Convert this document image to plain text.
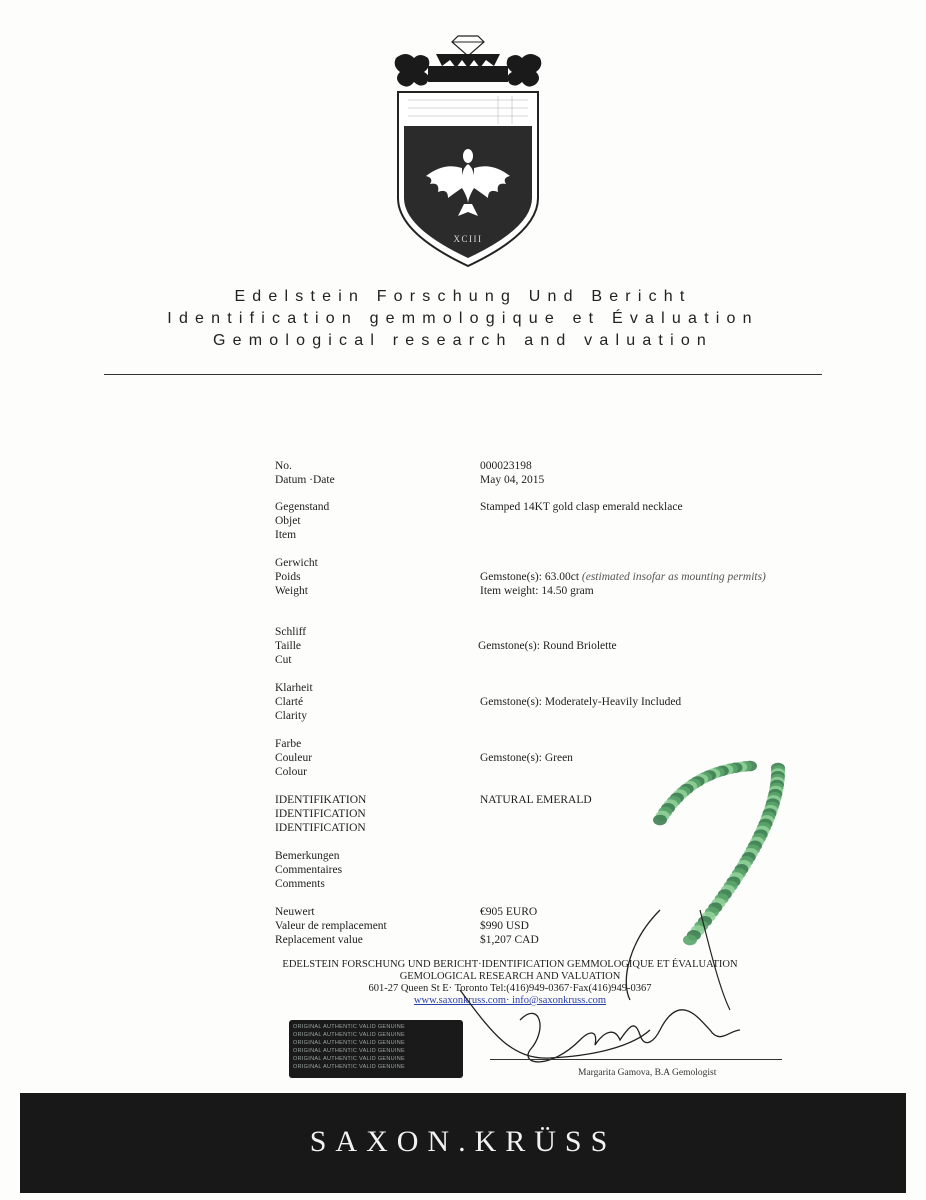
XCIII
Edelstein Forschung Und Bericht
Identification gemmologique et Évaluation
Gemological research and valuation
No.
Datum ·Date
000023198
May 04, 2015
Gegenstand
Objet
Item
Stamped 14KT gold clasp emerald necklace
Gerwicht
Poids
Weight
Gemstone(s): 63.00ct (estimated insofar as mounting permits)
Item weight: 14.50 gram
Schliff
Taille
Cut
Gemstone(s): Round Briolette
Klarheit
Clarté
Clarity
Gemstone(s): Moderately-Heavily Included
Farbe
Couleur
Colour
Gemstone(s): Green
IDENTIFIKATION
IDENTIFICATION
IDENTIFICATION
NATURAL EMERALD
Bemerkungen
Commentaires
Comments
Neuwert
Valeur de remplacement
Replacement value
€905 EURO
$990 USD
$1,207 CAD
EDELSTEIN FORSCHUNG UND BERICHT·IDENTIFICATION GEMMOLOGIQUE ET ÉVALUATION
GEMOLOGICAL RESEARCH AND VALUATION
601-27 Queen St E· Toronto Tel:(416)949-0367·Fax(416)949-0367
www.saxonkruss.com· info@saxonkruss.com
ORIGINAL AUTHENTIC VALID GENUINE
ORIGINAL AUTHENTIC VALID GENUINE
ORIGINAL AUTHENTIC VALID GENUINE
ORIGINAL AUTHENTIC VALID GENUINE
ORIGINAL AUTHENTIC VALID GENUINE
ORIGINAL AUTHENTIC VALID GENUINE
Margarita Gamova, B.A Gemologist
SAXON.KRÜSS
